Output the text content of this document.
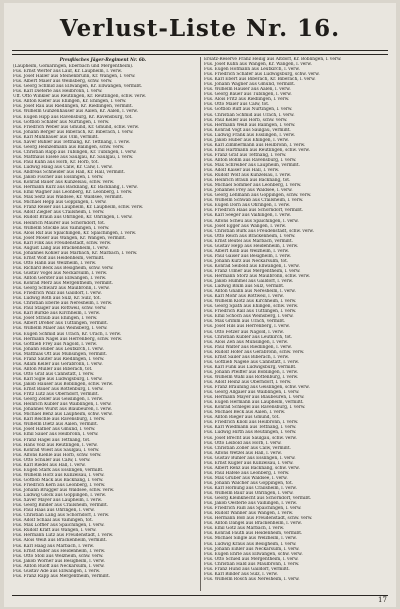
Verlust-Liste Nr. 16.
Preußisches Jäger-Regiment Nr. 6b.
(Laupheim, Gomaringen, Eberbach und Mergentheim).
Füs. Ernst Werfer aus Lauf, Kr. Laupheim, l. verw.
Füs. Josef Haller aus Steinenbrunn, Kr. Wangen, l. verw.
Füs. Albert Maier aus Weinsberg, schw. verw.
Füs. Georg Schmid aus Ellwangen, Kr. Ellwangen, vermißt.
Füs. Karl Dieterle aus Heilbronn, l. verw.
Uff. Otto Winkler aus Reutlingen, Kr. Reutlingen, schw. verw.
Füs. Anton Kiefer aus Ehingen, Kr. Ehingen, l. verw.
Füs. Josef Rau aus Riedlingen, Kr. Riedlingen, vermißt.
Füs. Wilhelm Gunzenhauser aus Aalen, Kr. Aalen, l. verw.
Füs. Eugen Hipp aus Ravensburg, Kr. Ravensburg, tot.
Füs. Gottlob Schäfer aus Nürtingen, l. verw.
Füs. Friedrich Weber aus Gmünd, Kr. Gmünd, schw. verw.
Füs. Johann Berger aus Biberach, Kr. Biberach, l. verw.
Füs. Karl Mühlbauer aus Ulm, vermißt.
Füs. Xaver Bühler aus Tettnang, Kr. Tettnang, l. verw.
Füs. Georg Heinzelmann aus Balingen, schw. verw.
Füs. Christian Rapp aus Tübingen, Kr. Tübingen, l. verw.
Füs. Matthäus Eisele aus Saulgau, Kr. Saulgau, l. verw.
Füs. Paul Kuhn aus Horb, Kr. Horb, tot.
Füs. Ludwig Haug aus Calw, Kr. Calw, l. verw.
Füs. Andreas Schneider aus Hall, Kr. Hall, vermißt.
Füs. Jakob Fischer aus Esslingen, l. verw.
Füs. Konrad Bauer aus Künzelsau, schw. verw.
Füs. Hermann Kurz aus Backnang, Kr. Backnang, l. verw.
Füs. Emil Wagner aus Leonberg, Kr. Leonberg, l. verw.
Füs. Max Seitz aus Waldsee, Kr. Waldsee, vermißt.
Füs. Michael Hepp aus Göppingen, l. verw.
Füs. Franz Reiser aus Laupheim, Kr. Laupheim, schw. verw.
Füs. Adolf Ziegler aus Crailsheim, l. verw.
Füs. Rudolf Braun aus Öhringen, Kr. Öhringen, l. verw.
Füs. Heinrich Maurer aus Schorndorf, tot.
Füs. Wilhelm Stöckle aus Vaihingen, l. verw.
Füs. Alois Ruf aus Spaichingen, Kr. Spaichingen, l. verw.
Füs. Josef Moser aus Wangen, Kr. Wangen, vermißt.
Füs. Karl Fink aus Freudenstadt, schw. verw.
Füs. August Lang aus Brackenheim, l. verw.
Füs. Johannes Kohler aus Marbach, Kr. Marbach, l. verw.
Füs. Ernst Wolf aus Heidenheim, vermißt.
Füs. Otto Hahn aus Welzheim, l. verw.
Füs. Richard Beck aus Besigheim, schw. verw.
Füs. Gustav Vogel aus Neckarsulm, l. verw.
Füs. Anton Gerster aus Ellwangen, l. verw.
Füs. Konrad Merz aus Mergentheim, vermißt.
Füs. Georg Schwarz aus Maulbronn, l. verw.
Füs. Friedrich Walz aus Gaildorf, l. verw.
Füs. Ludwig Roth aus Sulz, Kr. Sulz, tot.
Füs. Christian Eberle aus Neresheim, l. verw.
Füs. Paul Staiger aus Rottweil, schw. verw.
Füs. Karl Bürkle aus Kirchheim, l. verw.
Füs. Josef Straub aus Ehingen, l. verw.
Füs. Albert Dreher aus Tuttlingen, vermißt.
Füs. Wilhelm Maier aus Weinsberg, l. verw.
Füs. Eugen Schmid aus Urach, Kr. Urach, l. verw.
Füs. Hermann Nagel aus Herrenberg, schw. verw.
Füs. Gottlieb Frey aus Nagold, l. verw.
Füs. Johann Huber aus Leutkirch, l. verw.
Füs. Matthias Ott aus Münsingen, vermißt.
Füs. Franz Sauter aus Riedlingen, l. verw.
Füs. Adam Keller aus Gerabronn, l. verw.
Füs. Anton Müller aus Biberach, tot.
Füs. Otto Graf aus Cannstatt, l. verw.
Füs. Karl Sigle aus Ludwigsburg, l. verw.
Füs. Jakob Hauser aus Böblingen, schw. verw.
Füs. Ernst Bauer aus Rottenburg, l. verw.
Füs. Fritz Lutz aus Oberndorf, vermißt.
Füs. Georg Zeller aus Geislingen, l. verw.
Füs. Heinrich Kübler aus Waiblingen, l. verw.
Füs. Johannes Wurst aus Blaubeuren, l. verw.
Füs. Michael Benz aus Laupheim, schw. verw.
Füs. Karl Reichle aus Ravensburg, l. verw.
Füs. Wilhelm Dietz aus Aalen, vermißt.
Füs. Josef Hafner aus Gmünd, l. verw.
Füs. Emil Sauer aus Heilbronn, l. verw.
Füs. Franz Hagel aus Tettnang, tot.
Füs. Hans Volz aus Reutlingen, l. verw.
Füs. Konrad Wiest aus Saulgau, l. verw.
Füs. Alfons Kienle aus Horb, schw. verw.
Füs. Otto Schuler aus Calw, l. verw.
Füs. Karl Riedel aus Hall, l. verw.
Füs. Eugen Stark aus Esslingen, vermißt.
Füs. Wilhelm Hörz aus Künzelsau, l. verw.
Füs. Gottlob Mack aus Backnang, l. verw.
Füs. Friedrich Kern aus Leonberg, l. verw.
Füs. Johann Brugger aus Waldsee, schw. verw.
Füs. Ludwig Glock aus Göppingen, l. verw.
Füs. Xaver Mayer aus Laupheim, l. verw.
Füs. Georg Binder aus Crailsheim, vermißt.
Füs. Paul Haas aus Öhringen, l. verw.
Füs. Christian Lang aus Schorndorf, l. verw.
Füs. Adolf Schaal aus Vaihingen, tot.
Füs. Max Löffler aus Spaichingen, l. verw.
Füs. Rudolf Kraft aus Wangen, l. verw.
Füs. Hermann Lutz aus Freudenstadt, l. verw.
Füs. Alois Weiß aus Brackenheim, vermißt.
Füs. Karl Haag aus Marbach, l. verw.
Füs. Ernst Bader aus Heidenheim, l. verw.
Füs. Otto Stoll aus Welzheim, schw. verw.
Füs. Jakob Wörner aus Besigheim, l. verw.
Füs. Anton Ruoff aus Neckarsulm, l. verw.
Füs. Gustav Ade aus Ellwangen, l. verw.
Füs. Franz Rapp aus Mergentheim, vermißt.
Ersatz-Reserve Franz Heilig aus Altdorf, Kr. Böblingen, l. verw.
Füs. Josef Kuhn aus Wangen, Kr. Wangen, l. verw.
Füs. Eugen Hofmann aus Leutkirch, l. verw.
Füs. Friedrich Schäfer aus Ludwigsburg, schw. verw.
Füs. Karl Ebert aus Biberach, Kr. Biberach, l. verw.
Füs. Johann Wagner aus Gmünd, vermißt.
Füs. Wilhelm Hauser aus Aalen, l. verw.
Füs. Georg Bauer aus Tübingen, l. verw.
Füs. Alois Fritz aus Riedlingen, l. verw.
Füs. Otto Maier aus Calw, tot.
Füs. Gottlob Ruff aus Nürtingen, l. verw.
Füs. Christian Schmid aus Urach, l. verw.
Füs. Paul Keller aus Horb, schw. verw.
Füs. Hermann Weiß aus Balingen, l. verw.
Füs. Konrad Vogt aus Saulgau, vermißt.
Füs. Ludwig Frank aus Esslingen, l. verw.
Füs. Jakob Huber aus Ehingen, l. verw.
Füs. Karl Zimmermann aus Heilbronn, l. verw.
Füs. Emil Hartmann aus Reutlingen, schw. verw.
Füs. Franz Graf aus Tettnang, l. verw.
Füs. Anton Böhm aus Ravensburg, l. verw.
Füs. Max Schreiber aus Laupheim, vermißt.
Füs. Adolf Kaiser aus Hall, l. verw.
Füs. Rudolf Wolf aus Künzelsau, l. verw.
Füs. Heinrich Braun aus Backnang, tot.
Füs. Michael Sommer aus Leonberg, l. verw.
Füs. Johannes Frey aus Waldsee, l. verw.
Füs. Georg Lehmann aus Göppingen, schw. verw.
Füs. Wilhelm Schwab aus Crailsheim, l. verw.
Füs. Eugen Dorn aus Öhringen, l. verw.
Füs. Friedrich Haas aus Schorndorf, vermißt.
Füs. Karl Seeger aus Vaihingen, l. verw.
Füs. Alfons Scheu aus Spaichingen, l. verw.
Füs. Josef Egger aus Wangen, l. verw.
Füs. Christian Bürk aus Freudenstadt, schw. verw.
Füs. Otto Reich aus Brackenheim, l. verw.
Füs. Ernst Beutel aus Marbach, vermißt.
Füs. Gustav Hepp aus Heidenheim, l. verw.
Füs. Albert Kolb aus Welzheim, l. verw.
Füs. Paul Gaiser aus Besigheim, l. verw.
Füs. Johann Kurz aus Neckarsulm, tot.
Füs. Konrad Seibold aus Ellwangen, l. verw.
Füs. Franz Ulmer aus Mergentheim, l. verw.
Füs. Hermann Storz aus Maulbronn, schw. verw.
Füs. Jakob Hummel aus Gaildorf, l. verw.
Füs. Ludwig Blum aus Sulz, vermißt.
Füs. Anton Gnann aus Neresheim, l. verw.
Füs. Karl Mohr aus Rottweil, l. verw.
Füs. Wilhelm Klotz aus Kirchheim, l. verw.
Füs. Georg Späth aus Ehingen, schw. verw.
Füs. Friedrich Rall aus Tuttlingen, l. verw.
Füs. Emil Schoch aus Weinsberg, l. verw.
Füs. Max Grimm aus Urach, vermißt.
Füs. Josef Hils aus Herrenberg, l. verw.
Füs. Otto Fetzer aus Nagold, l. verw.
Füs. Christian Kübler aus Leutkirch, tot.
Füs. Alois Zeh aus Münsingen, l. verw.
Füs. Paul Walter aus Riedlingen, l. verw.
Füs. Rudolf Hofer aus Gerabronn, schw. verw.
Füs. Ernst Sailer aus Biberach, l. verw.
Füs. Gottlieb Nägele aus Cannstatt, l. verw.
Füs. Karl Funk aus Ludwigsburg, vermißt.
Füs. Johann Pfeiffer aus Böblingen, l. verw.
Füs. Wilhelm Wahl aus Rottenburg, l. verw.
Füs. Adolf Heinz aus Oberndorf, l. verw.
Füs. Franz Bräuning aus Geislingen, schw. verw.
Füs. Georg Allgaier aus Waiblingen, l. verw.
Füs. Hermann Mayer aus Blaubeuren, l. verw.
Füs. Eugen Hermann aus Laupheim, vermißt.
Füs. Konrad Schlegel aus Ravensburg, l. verw.
Füs. Michael Beck aus Aalen, l. verw.
Füs. Anton Rieger aus Gmünd, tot.
Füs. Friedrich Knoll aus Heilbronn, l. verw.
Füs. Karl Wiedmann aus Tettnang, l. verw.
Füs. Ludwig Hirth aus Reutlingen, l. verw.
Füs. Josef Brecht aus Saulgau, schw. verw.
Füs. Otto Leibold aus Horb, l. verw.
Füs. Christian Zoller aus Calw, vermißt.
Füs. Alfons Wetzel aus Hall, l. verw.
Füs. Gustav Bühler aus Esslingen, l. verw.
Füs. Ernst Kugler aus Künzelsau, l. verw.
Füs. Albert Renz aus Backnang, schw. verw.
Füs. Paul Häfele aus Leonberg, l. verw.
Füs. Max Gruber aus Waldsee, l. verw.
Füs. Johann Walcher aus Göppingen, tot.
Füs. Karl Hornung aus Crailsheim, l. verw.
Füs. Wilhelm Baur aus Öhringen, l. verw.
Füs. Georg Kleinknecht aus Schorndorf, vermißt.
Füs. Jakob Oesterle aus Vaihingen, l. verw.
Füs. Friedrich Faiß aus Spaichingen, l. verw.
Füs. Rudolf Wanner aus Wangen, l. verw.
Füs. Hermann Boß aus Freudenstadt, schw. verw.
Füs. Anton Dangel aus Brackenheim, l. verw.
Füs. Emil Götz aus Marbach, l. verw.
Füs. Konrad Fauth aus Heidenheim, vermißt.
Füs. Michael Single aus Welzheim, l. verw.
Füs. Ludwig Kraus aus Besigheim, l. verw.
Füs. Johann Eißler aus Neckarsulm, l. verw.
Füs. Eugen Ehrle aus Ellwangen, schw. verw.
Füs. Otto Schied aus Mergentheim, l. verw.
Füs. Christian Hald aus Maulbronn, l. verw.
Füs. Franz Hund aus Gaildorf, vermißt.
Füs. Karl Binder aus Sulz, l. verw.
Füs. Wilhelm Rösch aus Neresheim, l. verw.
17
